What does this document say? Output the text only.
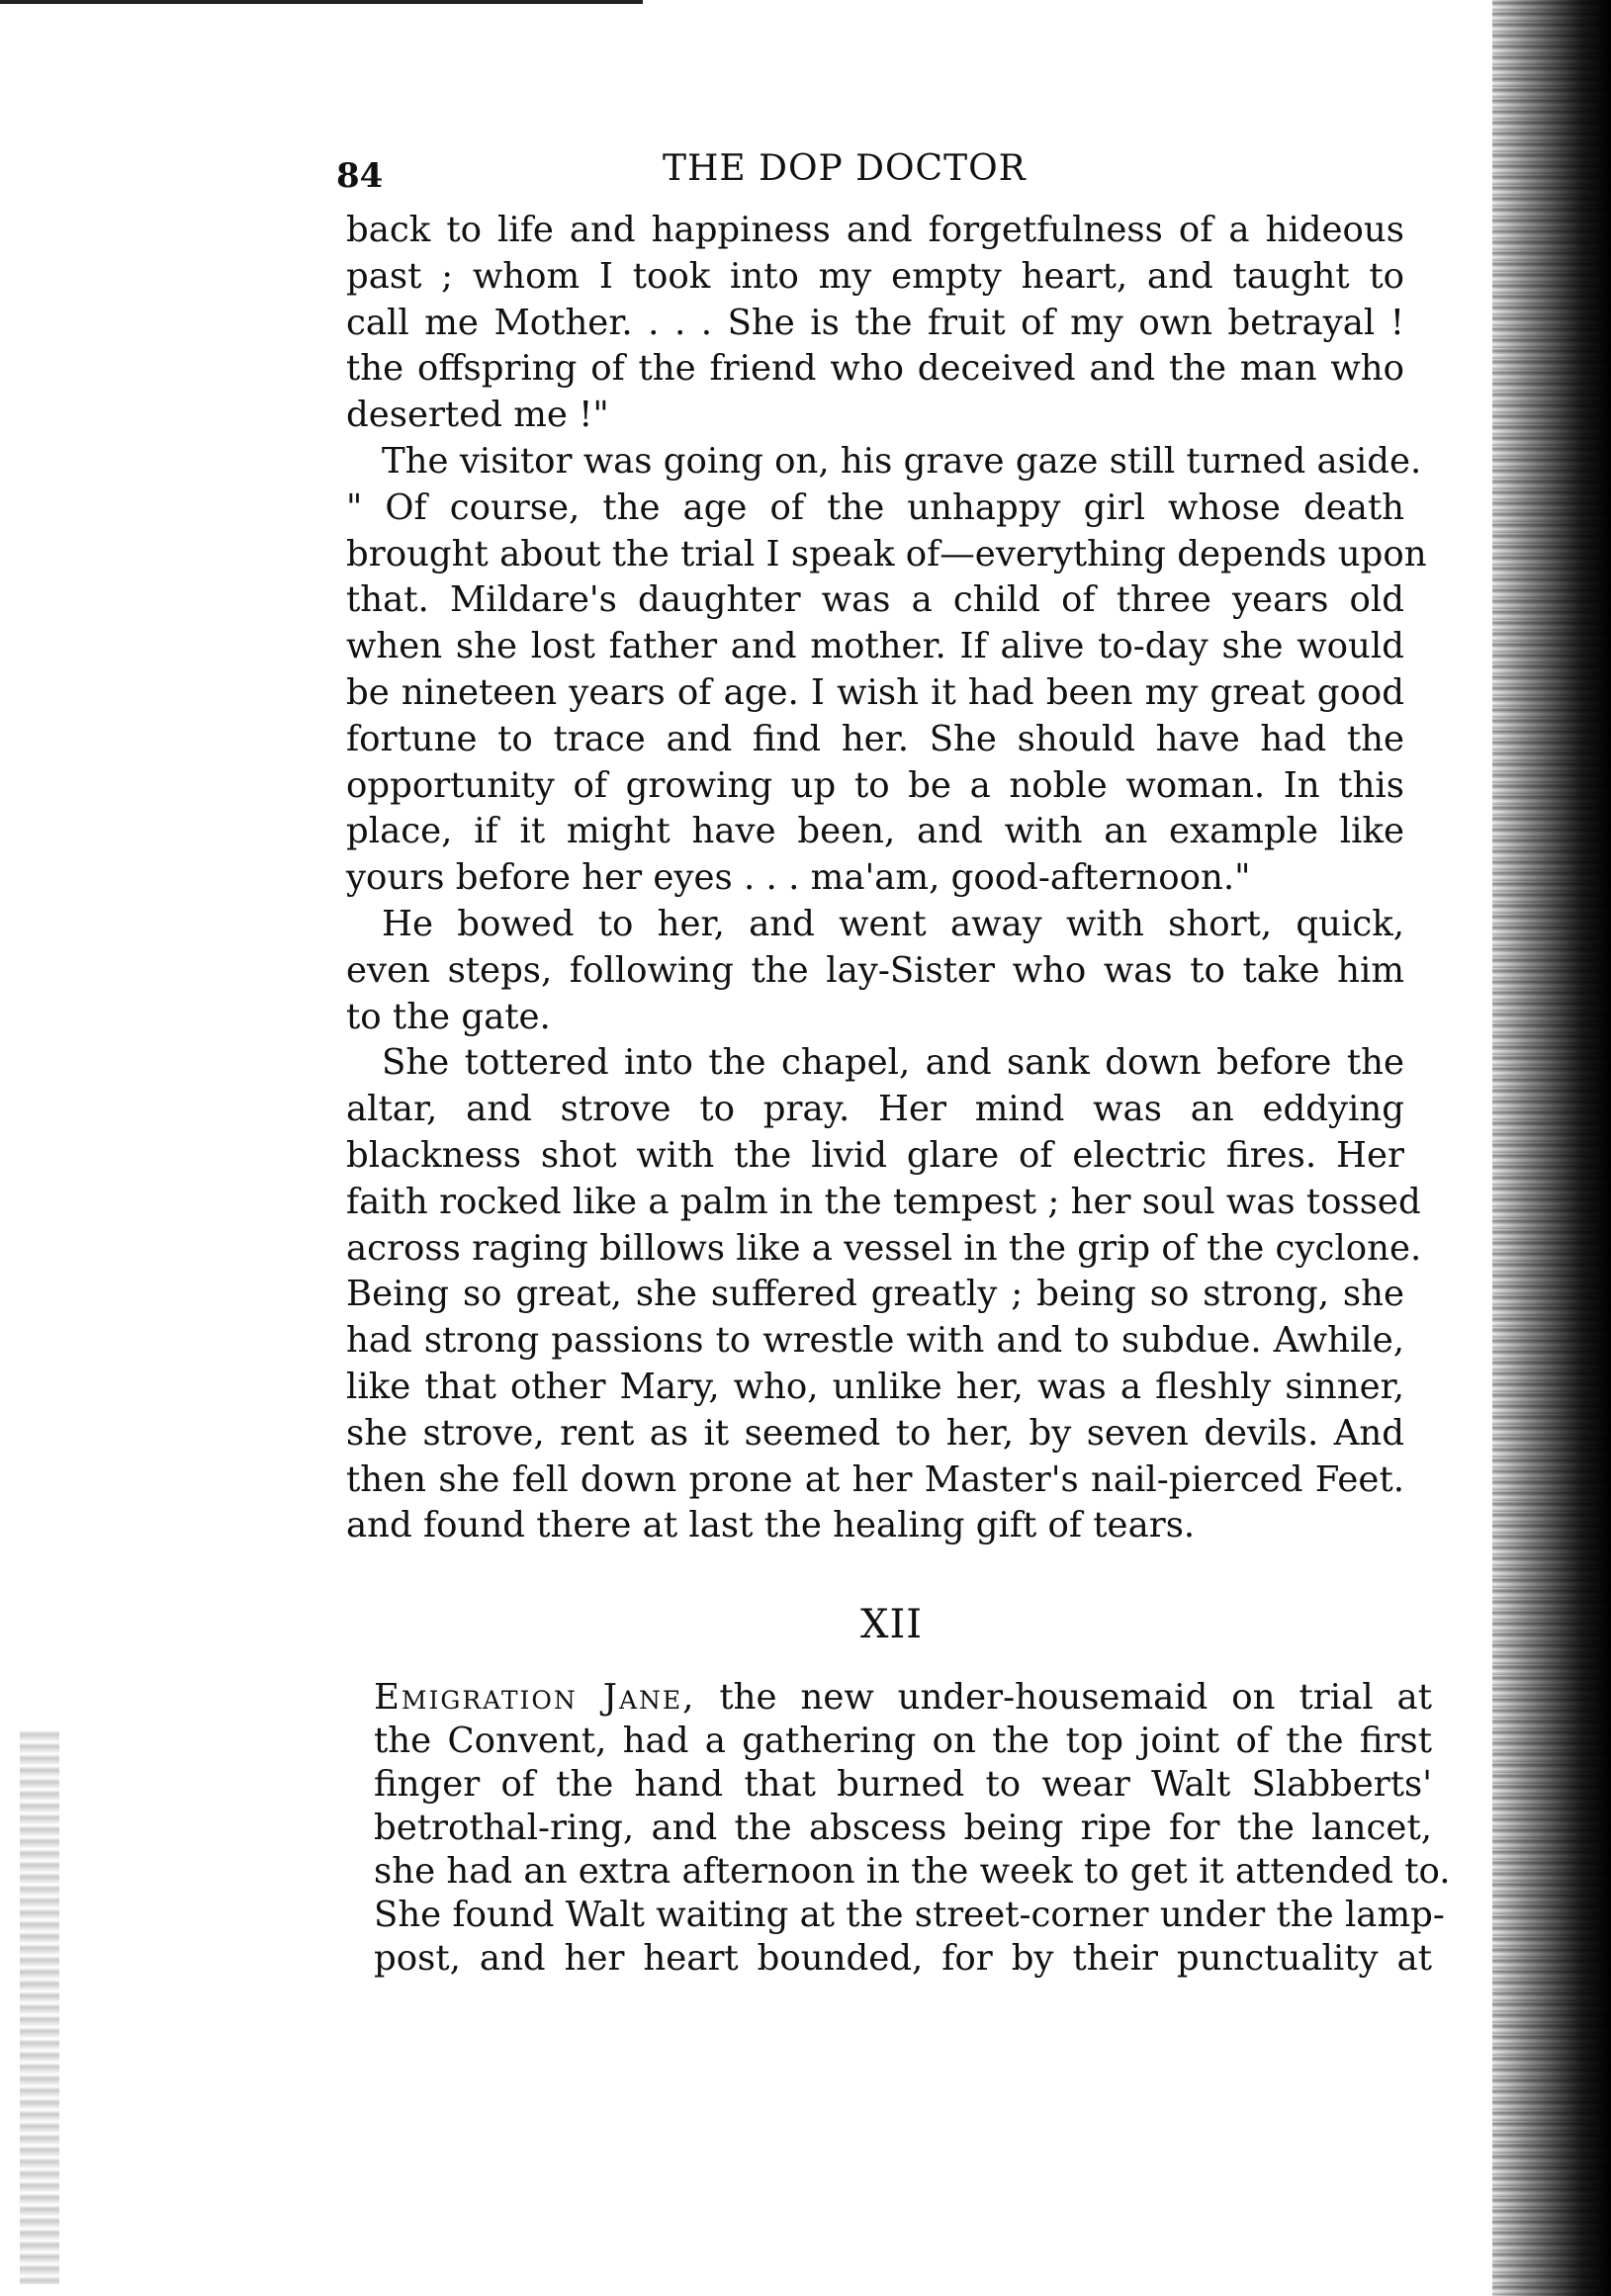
84	THE DOP DOCTOR
back to life and happiness and forgetfulness of a hideous
past ; whom I took into my empty heart, and taught to
call me Mother. . . . She is the fruit of my own betrayal !
the offspring of the friend who deceived and the man who
deserted me !"
The visitor was going on, his grave gaze still turned aside.
" Of course, the age of the unhappy girl whose death
brought about the trial I speak of—everything depends upon
that. Mildare's daughter was a child of three years old
when she lost father and mother. If alive to-day she would
be nineteen years of age. I wish it had been my great good
fortune to trace and find her. She should have had the
opportunity of growing up to be a noble woman. In this
place, if it might have been, and with an example like
yours before her eyes . . . ma'am, good-afternoon."
He bowed to her, and went away with short, quick,
even steps, following the lay-Sister who was to take him
to the gate.
She tottered into the chapel, and sank down before the
altar, and strove to pray. Her mind was an eddying
blackness shot with the livid glare of electric fires. Her
faith rocked like a palm in the tempest ; her soul was tossed
across raging billows like a vessel in the grip of the cyclone.
Being so great, she suffered greatly ; being so strong, she
had strong passions to wrestle with and to subdue. Awhile,
like that other Mary, who, unlike her, was a fleshly sinner,
she strove, rent as it seemed to her, by seven devils. And
then she fell down prone at her Master's nail-pierced Feet.
and found there at last the healing gift of tears.
XII
Emigration Jane, the new under-housemaid on trial at
the Convent, had a gathering on the top joint of the first
finger of the hand that burned to wear Walt Slabberts'
betrothal-ring, and the abscess being ripe for the lancet,
she had an extra afternoon in the week to get it attended to.
She found Walt waiting at the street-corner under the lamp-
post, and her heart bounded, for by their punctuality at
